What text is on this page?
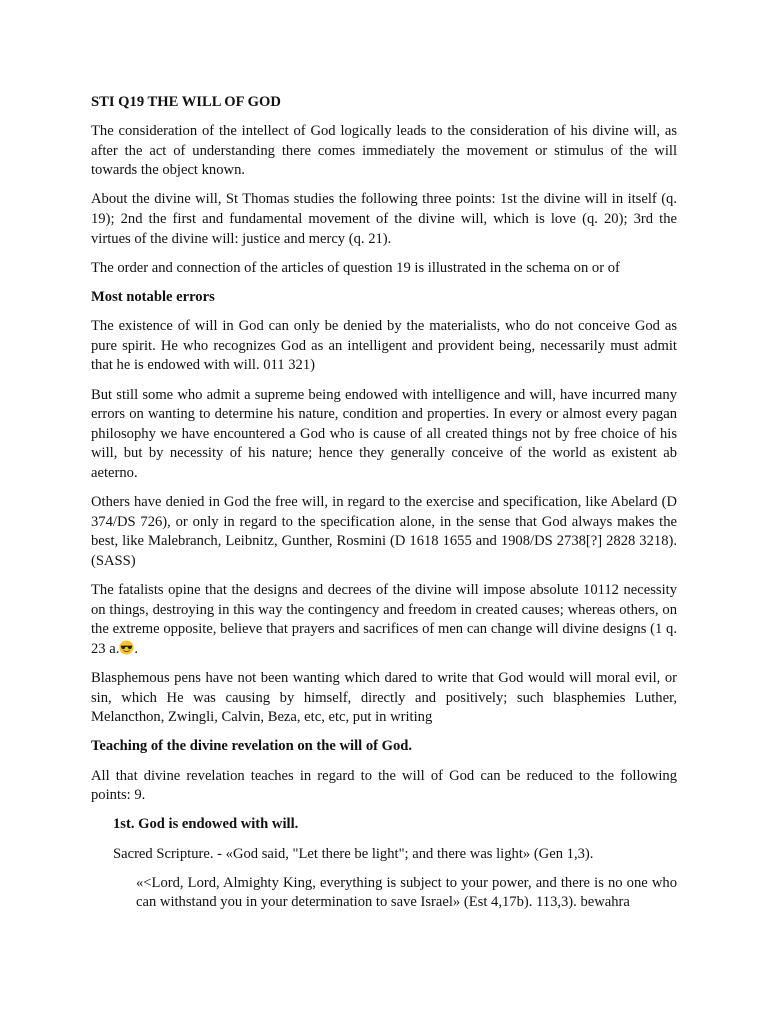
STI Q19 THE WILL OF GOD

The consideration of the intellect of God logically leads to the consideration of his divine will, as after the act of understanding there comes immediately the movement or stimulus of the will towards the object known.

About the divine will, St Thomas studies the following three points: 1st the divine will in itself (q. 19); 2nd the first and fundamental movement of the divine will, which is love (q. 20); 3rd the virtues of the divine will: justice and mercy (q. 21).

The order and connection of the articles of question 19 is illustrated in the schema on or of

Most notable errors

The existence of will in God can only be denied by the materialists, who do not conceive God as pure spirit. He who recognizes God as an intelligent and provident being, necessarily must admit that he is endowed with will. 011 321)

But still some who admit a supreme being endowed with intelligence and will, have incurred many errors on wanting to determine his nature, condition and properties. In every or almost every pagan philosophy we have encountered a God who is cause of all created things not by free choice of his will, but by necessity of his nature; hence they generally conceive of the world as existent ab aeterno.

Others have denied in God the free will, in regard to the exercise and specification, like Abelard (D 374/DS 726), or only in regard to the specification alone, in the sense that God always makes the best, like Malebranch, Leibnitz, Gunther, Rosmini (D 1618 1655 and 1908/DS 2738[?] 2828 3218). (SASS)

The fatalists opine that the designs and decrees of the divine will impose absolute 10112 necessity on things, destroying in this way the contingency and freedom in created causes; whereas others, on the extreme opposite, believe that prayers and sacrifices of men can change will divine designs (1 q. 23 a. .

Blasphemous pens have not been wanting which dared to write that God would will moral evil, or sin, which He was causing by himself, directly and positively; such blasphemies Luther, Melancthon, Zwingli, Calvin, Beza, etc, etc, put in writing

Teaching of the divine revelation on the will of God.

All that divine revelation teaches in regard to the will of God can be reduced to the following points: 9.

1st. God is endowed with will.

Sacred Scripture. - «God said, "Let there be light"; and there was light» (Gen 1,3).

«<Lord, Lord, Almighty King, everything is subject to your power, and there is no one who can withstand you in your determination to save Israel» (Est 4,17b). 113,3). bewahra
